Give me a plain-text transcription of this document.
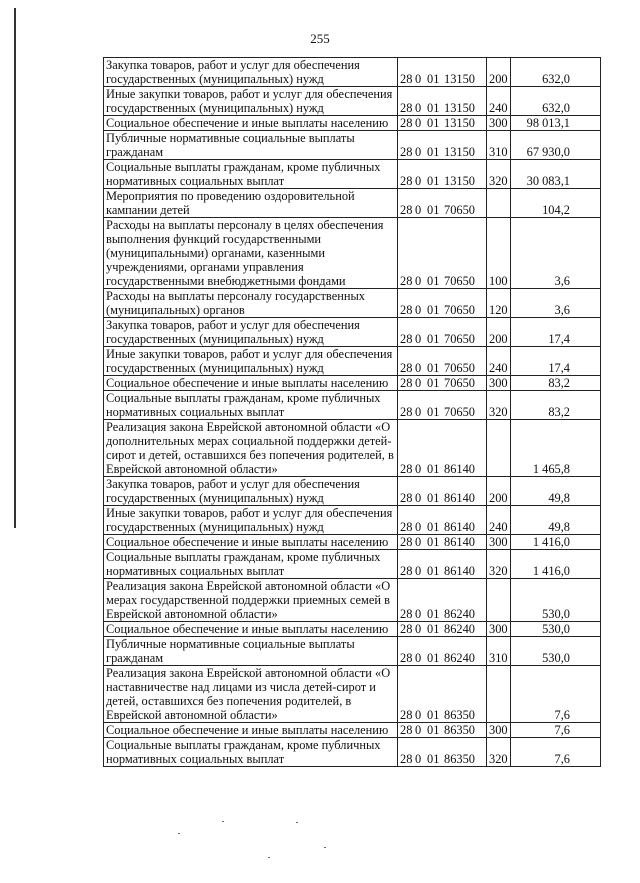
255
Закупка товаров, работ и услуг для обеспечения государственных (муниципальных) нужд	28 0 01 13150	200	632,0
Иные закупки товаров, работ и услуг для обеспечения государственных (муниципальных) нужд	28 0 01 13150	240	632,0
Социальное обеспечение и иные выплаты населению	28 0 01 13150	300	98 013,1
Публичные нормативные социальные выплаты гражданам	28 0 01 13150	310	67 930,0
Социальные выплаты гражданам, кроме публичных нормативных социальных выплат	28 0 01 13150	320	30 083,1
Мероприятия по проведению оздоровительной кампании детей	28 0 01 70650		104,2
Расходы на выплаты персоналу в целях обеспечения выполнения функций государственными (муниципальными) органами, казенными учреждениями, органами управления государственными внебюджетными фондами	28 0 01 70650	100	3,6
Расходы на выплаты персоналу государственных (муниципальных) органов	28 0 01 70650	120	3,6
Закупка товаров, работ и услуг для обеспечения государственных (муниципальных) нужд	28 0 01 70650	200	17,4
Иные закупки товаров, работ и услуг для обеспечения государственных (муниципальных) нужд	28 0 01 70650	240	17,4
Социальное обеспечение и иные выплаты населению	28 0 01 70650	300	83,2
Социальные выплаты гражданам, кроме публичных нормативных социальных выплат	28 0 01 70650	320	83,2
Реализация закона Еврейской автономной области «О дополнительных мерах социальной поддержки детей-сирот и детей, оставшихся без попечения родителей, в Еврейской автономной области»	28 0 01 86140		1 465,8
Закупка товаров, работ и услуг для обеспечения государственных (муниципальных) нужд	28 0 01 86140	200	49,8
Иные закупки товаров, работ и услуг для обеспечения государственных (муниципальных) нужд	28 0 01 86140	240	49,8
Социальное обеспечение и иные выплаты населению	28 0 01 86140	300	1 416,0
Социальные выплаты гражданам, кроме публичных нормативных социальных выплат	28 0 01 86140	320	1 416,0
Реализация закона Еврейской автономной области «О мерах государственной поддержки приемных семей в Еврейской автономной области»	28 0 01 86240		530,0
Социальное обеспечение и иные выплаты населению	28 0 01 86240	300	530,0
Публичные нормативные социальные выплаты гражданам	28 0 01 86240	310	530,0
Реализация закона Еврейской автономной области «О наставничестве над лицами из числа детей-сирот и детей, оставшихся без попечения родителей, в Еврейской автономной области»	28 0 01 86350		7,6
Социальное обеспечение и иные выплаты населению	28 0 01 86350	300	7,6
Социальные выплаты гражданам, кроме публичных нормативных социальных выплат	28 0 01 86350	320	7,6
